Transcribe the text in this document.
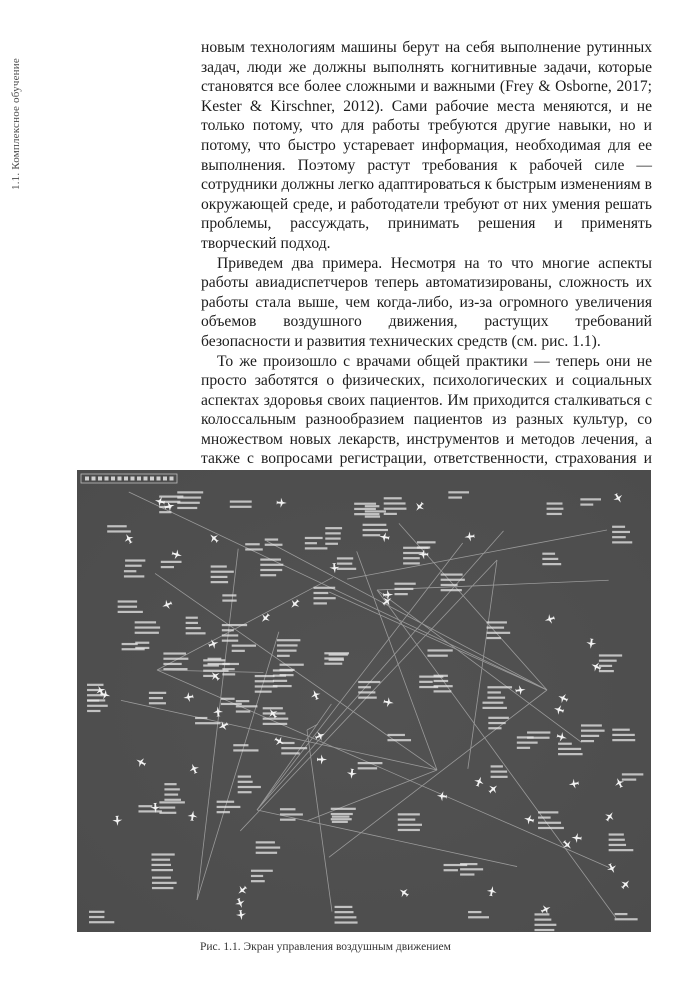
1.1. Комплексное обучение

новым технологиям машины берут на себя выполнение рутинных задач, люди же должны выполнять когнитивные задачи, которые становятся все более сложными и важными (Frey & Osborne, 2017; Kester & Kirschner, 2012). Сами рабочие места меняются, и не только потому, что для работы требуются другие навыки, но и потому, что быстро устаревает информация, необходимая для ее выполнения. Поэтому растут требования к рабочей силе — сотрудники должны легко адаптироваться к быстрым изменениям в окружающей среде, и работодатели требуют от них умения решать проблемы, рассуждать, принимать решения и применять творческий подход.

Приведем два примера. Несмотря на то что многие аспекты работы авиадиспетчеров теперь автоматизированы, сложность их работы стала выше, чем когда-либо, из-за огромного увеличения объемов воздушного движения, растущих требований безопасности и развития технических средств (см. рис. 1.1).

То же произошло с врачами общей практики — теперь они не просто заботятся о физических, психологических и социальных аспектах здоровья своих пациентов. Им приходится сталкиваться с колоссальным разнообразием пациентов из разных культур, со множеством новых лекарств, инструментов и методов лечения, а также с вопросами регистрации, ответственности, страхования и

Рис. 1.1. Экран управления воздушным движением
